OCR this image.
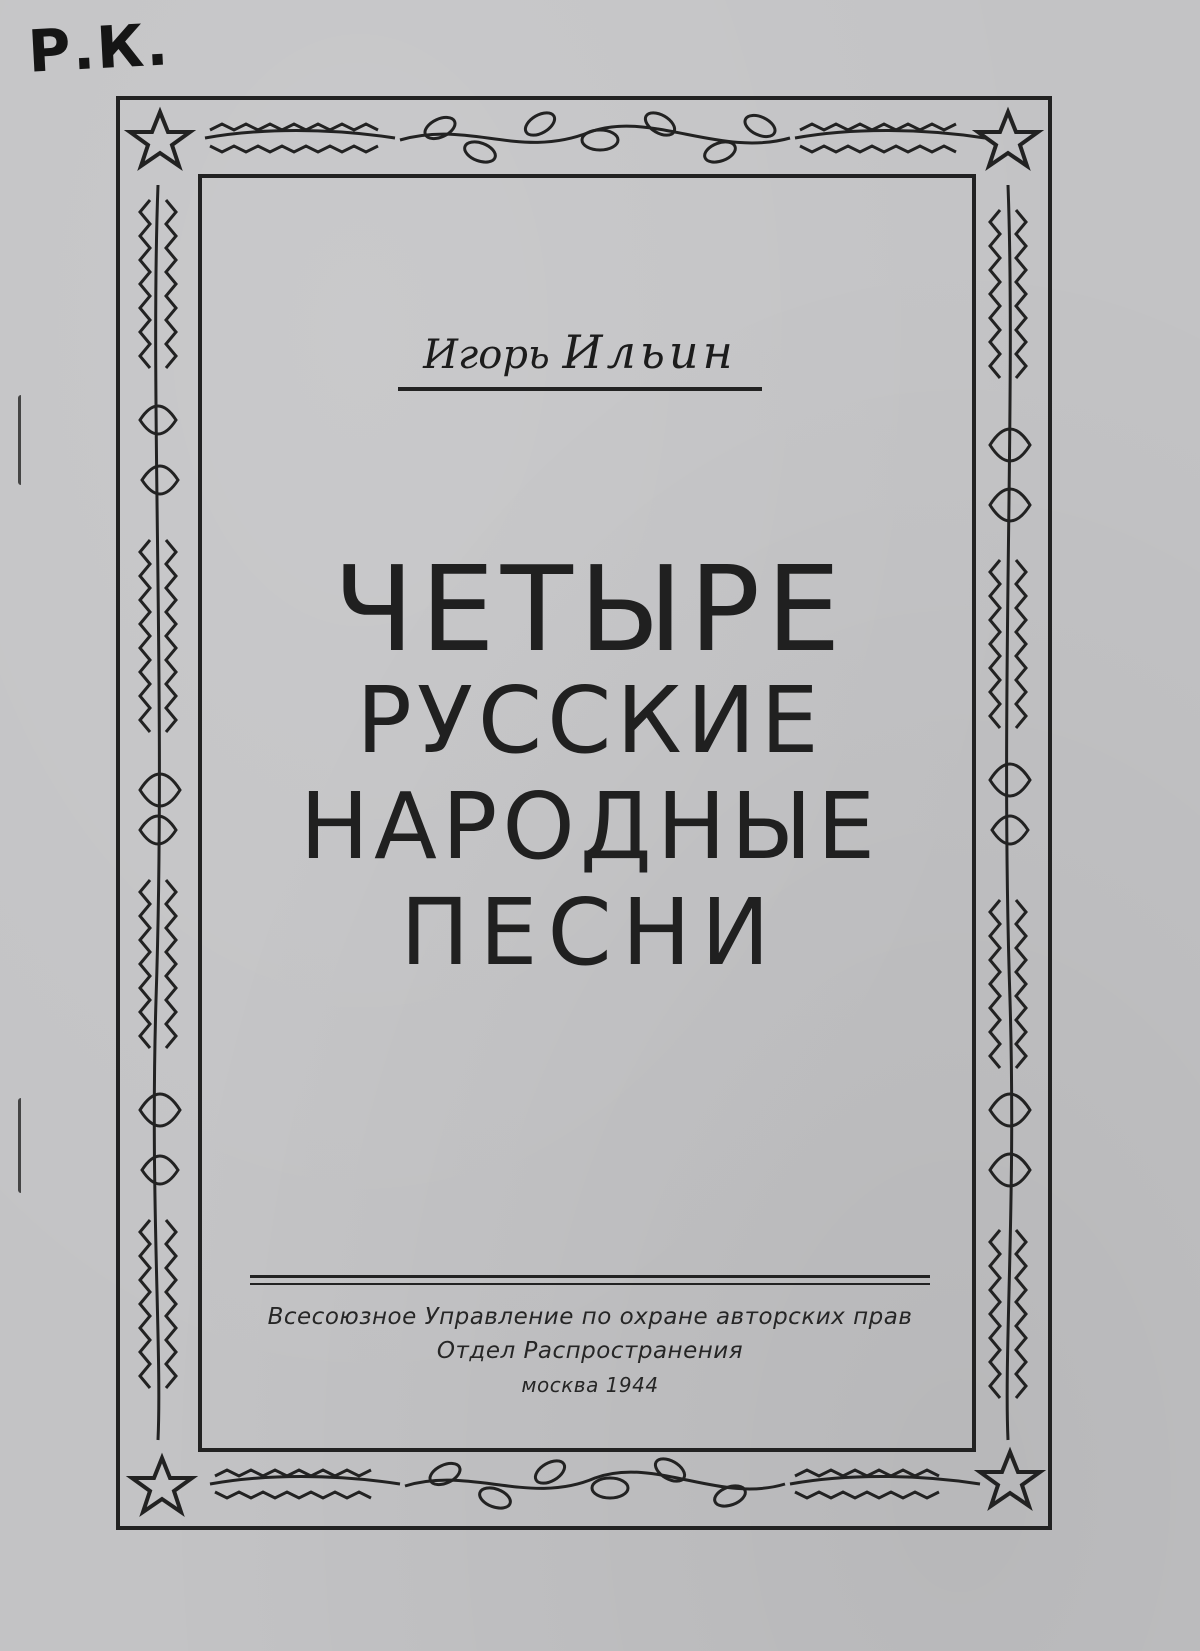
Р.К.
Игорь Ильин
ЧЕТЫРЕ
РУССКИЕ
НАРОДНЫЕ
ПЕСНИ
Всесоюзное Управление по охране авторских прав
Отдел Распространения
москва 1944
